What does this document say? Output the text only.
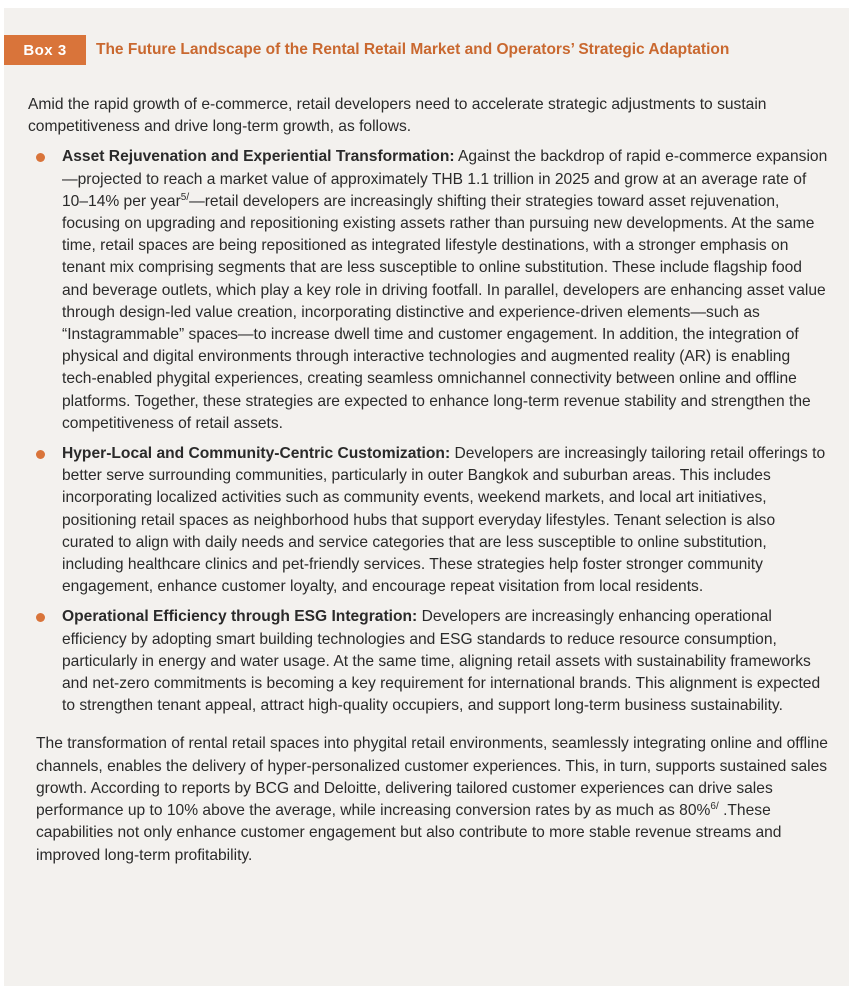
Box 3	The Future Landscape of the Rental Retail Market and Operators’ Strategic Adaptation

Amid the rapid growth of e-commerce, retail developers need to accelerate strategic adjustments to sustain competitiveness and drive long-term growth, as follows.

Asset Rejuvenation and Experiential Transformation: Against the backdrop of rapid e-commerce expansion—projected to reach a market value of approximately THB 1.1 trillion in 2025 and grow at an average rate of 10–14% per year$^{5/}$—retail developers are increasingly shifting their strategies toward asset rejuvenation, focusing on upgrading and repositioning existing assets rather than pursuing new developments. At the same time, retail spaces are being repositioned as integrated lifestyle destinations, with a stronger emphasis on tenant mix comprising segments that are less susceptible to online substitution. These include flagship food and beverage outlets, which play a key role in driving footfall. In parallel, developers are enhancing asset value through design-led value creation, incorporating distinctive and experience-driven elements—such as “Instagrammable” spaces—to increase dwell time and customer engagement. In addition, the integration of physical and digital environments through interactive technologies and augmented reality (AR) is enabling tech-enabled phygital experiences, creating seamless omnichannel connectivity between online and offline platforms. Together, these strategies are expected to enhance long-term revenue stability and strengthen the competitiveness of retail assets.
Hyper-Local and Community-Centric Customization: Developers are increasingly tailoring retail offerings to better serve surrounding communities, particularly in outer Bangkok and suburban areas. This includes incorporating localized activities such as community events, weekend markets, and local art initiatives, positioning retail spaces as neighborhood hubs that support everyday lifestyles. Tenant selection is also curated to align with daily needs and service categories that are less susceptible to online substitution, including healthcare clinics and pet-friendly services. These strategies help foster stronger community engagement, enhance customer loyalty, and encourage repeat visitation from local residents.
Operational Efficiency through ESG Integration: Developers are increasingly enhancing operational efficiency by adopting smart building technologies and ESG standards to reduce resource consumption, particularly in energy and water usage. At the same time, aligning retail assets with sustainability frameworks and net-zero commitments is becoming a key requirement for international brands. This alignment is expected to strengthen tenant appeal, attract high-quality occupiers, and support long-term business sustainability.

The transformation of rental retail spaces into phygital retail environments, seamlessly integrating online and offline channels, enables the delivery of hyper-personalized customer experiences. This, in turn, supports sustained sales growth. According to reports by BCG and Deloitte, delivering tailored customer experiences can drive sales performance up to 10% above the average, while increasing conversion rates by as much as 80%$^{6/}$ .These capabilities not only enhance customer engagement but also contribute to more stable revenue streams and improved long-term profitability.
